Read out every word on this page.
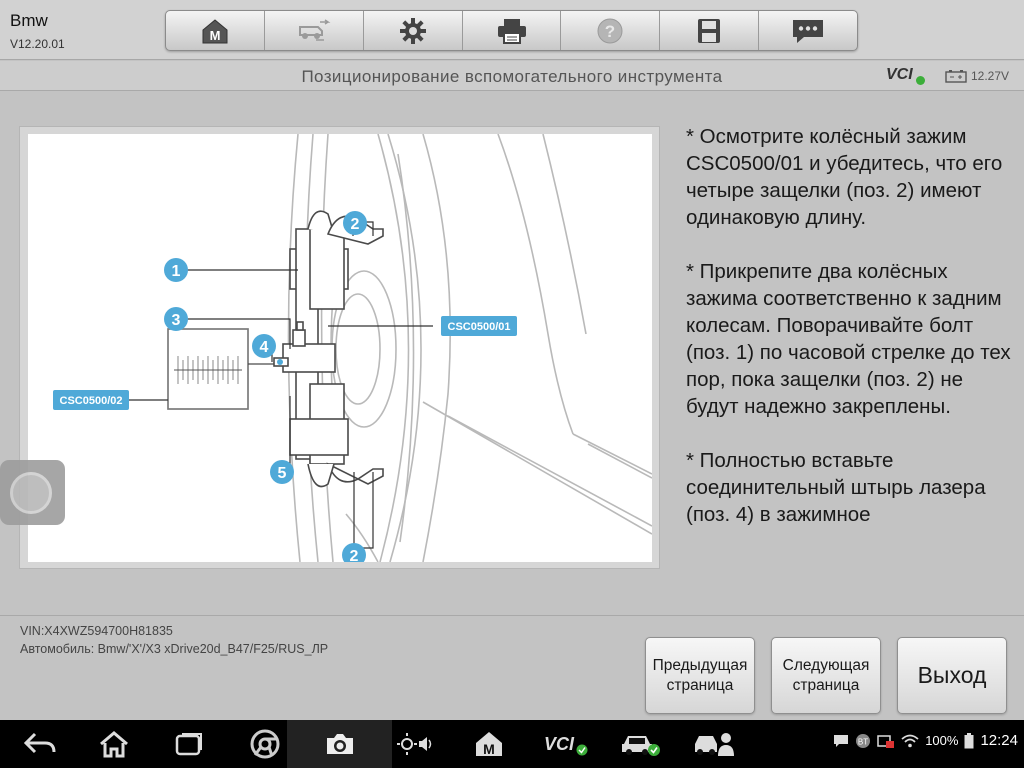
Bmw
V12.20.01
M	?
Позиционирование вспомогательного инструмента	VCI	12.27V
2
1
3
4
5
2
CSC0500/01
CSC0500/02

* Осмотрите колёсный зажим CSC0500/01 и убедитесь, что его четыре защелки (поз. 2) имеют одинаковую длину.

* Прикрепите два колёсных зажима соответственно к задним колесам. Поворачивайте болт (поз. 1) по часовой стрелке до тех пор, пока защелки (поз. 2) не будут надежно закреплены.

* Полностью вставьте соединительный штырь лазера (поз. 4) в зажимное

VIN:X4XWZ594700H81835
Автомобиль: Bmw/'X'/X3 xDrive20d_B47/F25/RUS_ЛР
Предыдущая страница
Следующая страница	Выход
M	VCI	BT	100% 12:24
